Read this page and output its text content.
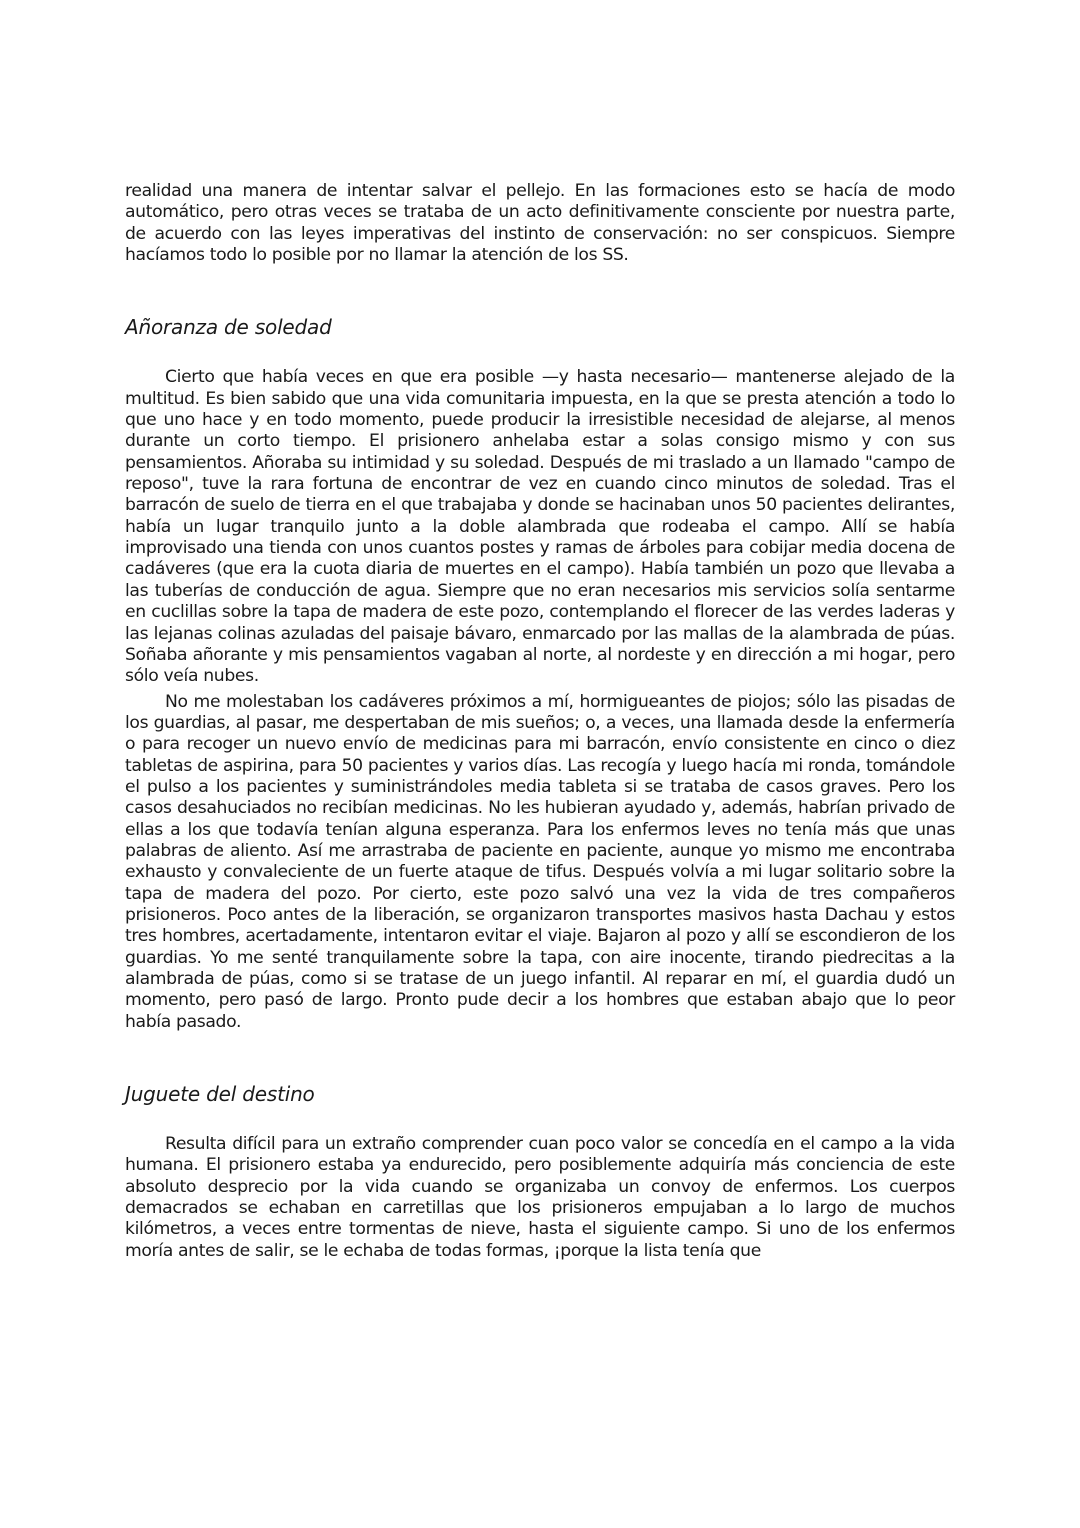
realidad una manera de intentar salvar el pellejo. En las formaciones esto se hacía de modo automático, pero otras veces se trataba de un acto definitivamente consciente por nuestra parte, de acuerdo con las leyes imperativas del instinto de conservación: no ser conspicuos. Siempre hacíamos todo lo posible por no llamar la atención de los SS.

Añoranza de soledad

Cierto que había veces en que era posible —y hasta necesario— mantenerse alejado de la multitud. Es bien sabido que una vida comunitaria impuesta, en la que se presta atención a todo lo que uno hace y en todo momento, puede producir la irresistible necesidad de alejarse, al menos durante un corto tiempo. El prisionero anhelaba estar a solas consigo mismo y con sus pensamientos. Añoraba su intimidad y su soledad. Después de mi traslado a un llamado "campo de reposo", tuve la rara fortuna de encontrar de vez en cuando cinco minutos de soledad. Tras el barracón de suelo de tierra en el que trabajaba y donde se hacinaban unos 50 pacientes delirantes, había un lugar tranquilo junto a la doble alambrada que rodeaba el campo. Allí se había improvisado una tienda con unos cuantos postes y ramas de árboles para cobijar media docena de cadáveres (que era la cuota diaria de muertes en el campo). Había también un pozo que llevaba a las tuberías de conducción de agua. Siempre que no eran necesarios mis servicios solía sentarme en cuclillas sobre la tapa de madera de este pozo, contemplando el florecer de las verdes laderas y las lejanas colinas azuladas del paisaje bávaro, enmarcado por las mallas de la alambrada de púas. Soñaba añorante y mis pensamientos vagaban al norte, al nordeste y en dirección a mi hogar, pero sólo veía nubes.

No me molestaban los cadáveres próximos a mí, hormigueantes de piojos; sólo las pisadas de los guardias, al pasar, me despertaban de mis sueños; o, a veces, una llamada desde la enfermería o para recoger un nuevo envío de medicinas para mi barracón, envío consistente en cinco o diez tabletas de aspirina, para 50 pacientes y varios días. Las recogía y luego hacía mi ronda, tomándole el pulso a los pacientes y suministrándoles media tableta si se trataba de casos graves. Pero los casos desahuciados no recibían medicinas. No les hubieran ayudado y, además, habrían privado de ellas a los que todavía tenían alguna esperanza. Para los enfermos leves no tenía más que unas palabras de aliento. Así me arrastraba de paciente en paciente, aunque yo mismo me encontraba exhausto y convaleciente de un fuerte ataque de tifus. Después volvía a mi lugar solitario sobre la tapa de madera del pozo. Por cierto, este pozo salvó una vez la vida de tres compañeros prisioneros. Poco antes de la liberación, se organizaron transportes masivos hasta Dachau y estos tres hombres, acertadamente, intentaron evitar el viaje. Bajaron al pozo y allí se escondieron de los guardias. Yo me senté tranquilamente sobre la tapa, con aire inocente, tirando piedrecitas a la alambrada de púas, como si se tratase de un juego infantil. Al reparar en mí, el guardia dudó un momento, pero pasó de largo. Pronto pude decir a los hombres que estaban abajo que lo peor había pasado.

Juguete del destino

Resulta difícil para un extraño comprender cuan poco valor se concedía en el campo a la vida humana. El prisionero estaba ya endurecido, pero posiblemente adquiría más conciencia de este absoluto desprecio por la vida cuando se organizaba un convoy de enfermos. Los cuerpos demacrados se echaban en carretillas que los prisioneros empujaban a lo largo de muchos kilómetros, a veces entre tormentas de nieve, hasta el siguiente campo. Si uno de los enfermos moría antes de salir, se le echaba de todas formas, ¡porque la lista tenía que
